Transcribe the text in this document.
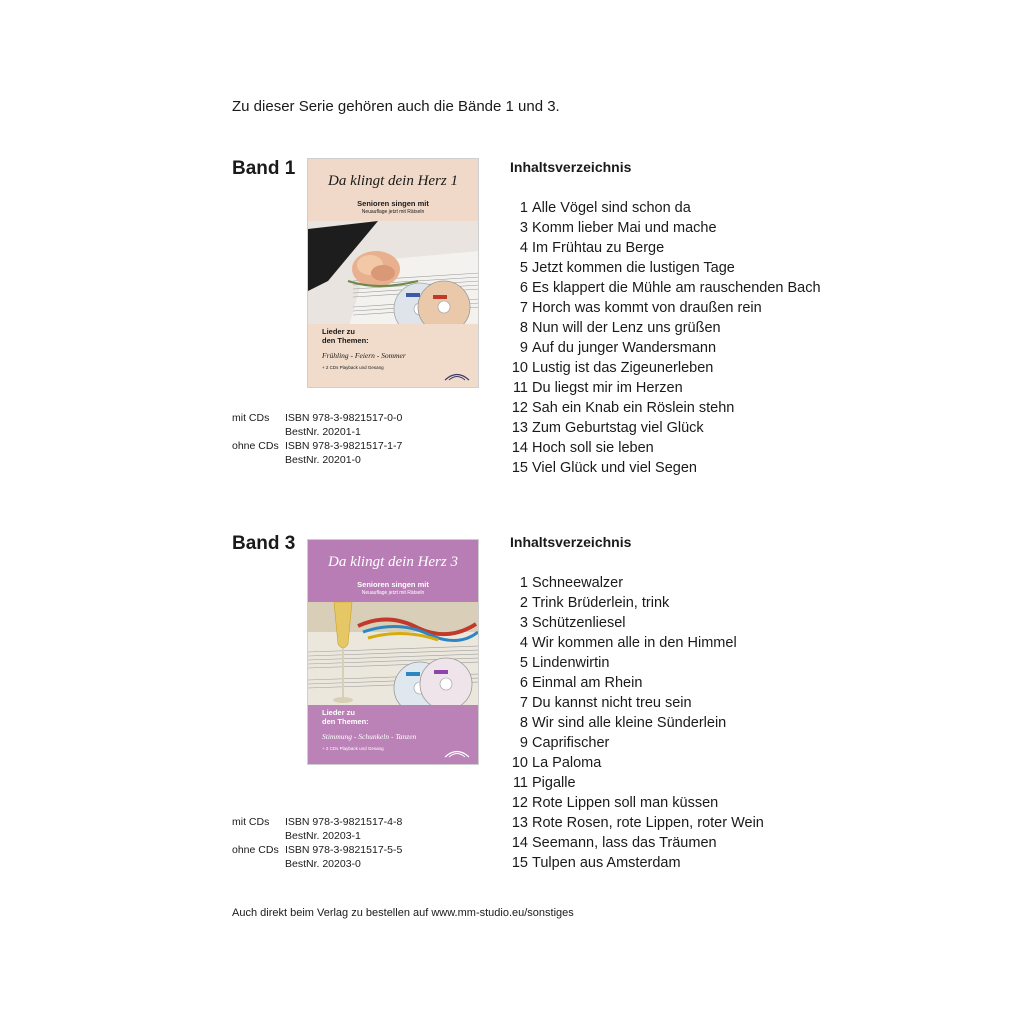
Zu dieser Serie gehören auch die Bände 1 und 3.
Band 1
Da klingt dein Herz 1
Senioren singen mit
Neuauflage jetzt mit Rätseln
Lieder zu
den Themen:
Frühling - Feiern - Sommer
+ 2 CDs Playback und Gesang
mit CDs ISBN 978-3-9821517-0-0
BestNr. 20201-1
ohne CDs ISBN 978-3-9821517-1-7
BestNr. 20201-0
Inhaltsverzeichnis
1 Alle Vögel sind schon da
3 Komm lieber Mai und mache
4 Im Frühtau zu Berge
5 Jetzt kommen die lustigen Tage
6 Es klappert die Mühle am rauschenden Bach
7 Horch was kommt von draußen rein
8 Nun will der Lenz uns grüßen
9 Auf du junger Wandersmann
10 Lustig ist das Zigeunerleben
11 Du liegst mir im Herzen
12 Sah ein Knab ein Röslein stehn
13 Zum Geburtstag viel Glück
14 Hoch soll sie leben
15 Viel Glück und viel Segen
Band 3
Da klingt dein Herz 3
Senioren singen mit
Neuauflage jetzt mit Rätseln
Lieder zu
den Themen:
Stimmung - Schunkeln - Tanzen
+ 2 CDs Playback und Gesang
mit CDs ISBN 978-3-9821517-4-8
BestNr. 20203-1
ohne CDs ISBN 978-3-9821517-5-5
BestNr. 20203-0
Inhaltsverzeichnis
1 Schneewalzer
2 Trink Brüderlein, trink
3 Schützenliesel
4 Wir kommen alle in den Himmel
5 Lindenwirtin
6 Einmal am Rhein
7 Du kannst nicht treu sein
8 Wir sind alle kleine Sünderlein
9 Caprifischer
10 La Paloma
11 Pigalle
12 Rote Lippen soll man küssen
13 Rote Rosen, rote Lippen, roter Wein
14 Seemann, lass das Träumen
15 Tulpen aus Amsterdam
Auch direkt beim Verlag zu bestellen auf www.mm-studio.eu/sonstiges
